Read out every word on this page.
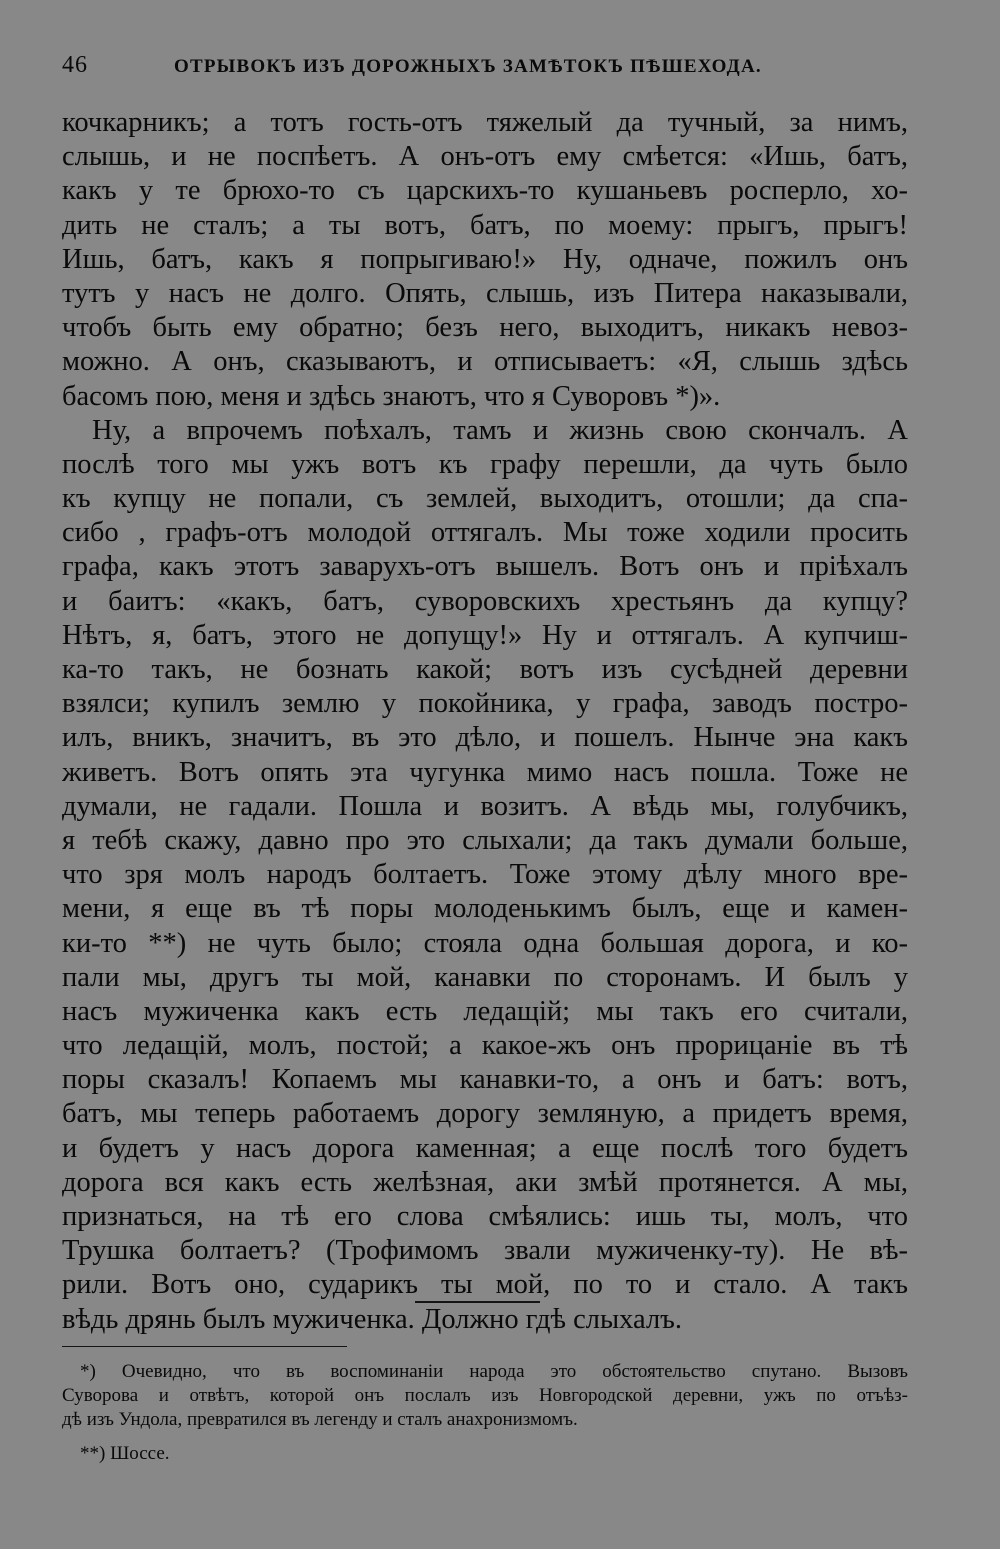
46	ОТРЫВОКЪ ИЗЪ ДОРОЖНЫХЪ ЗАМѢТОКЪ ПѢШЕХОДА.
кочкарникъ; а тотъ гость-отъ тяжелый да тучный, за нимъ,
слышь, и не поспѣетъ. А онъ-отъ ему смѣется: «Ишь, батъ,
какъ у те брюхо-то съ царскихъ-то кушаньевъ росперло, хо-
дить не сталъ; а ты вотъ, батъ, по моему: прыгъ, прыгъ!
Ишь, батъ, какъ я попрыгиваю!» Ну, одначе, пожилъ онъ
тутъ у насъ не долго. Опять, слышь, изъ Питера наказывали,
чтобъ быть ему обратно; безъ него, выходитъ, никакъ невоз-
можно. А онъ, сказываютъ, и отписываетъ: «Я, слышь здѣсь
басомъ пою, меня и здѣсь знаютъ, что я Суворовъ *)».
Ну, а впрочемъ поѣхалъ, тамъ и жизнь свою скончалъ. А
послѣ того мы ужъ вотъ къ графу перешли, да чуть было
къ купцу не попали, съ землей, выходитъ, отошли; да спа-
сибо , графъ-отъ молодой оттягалъ. Мы тоже ходили просить
графа, какъ этотъ заварухъ-отъ вышелъ. Вотъ онъ и прiѣхалъ
и баитъ: «какъ, батъ, суворовскихъ хрестьянъ да купцу?
Нѣтъ, я, батъ, этого не допущу!» Ну и оттягалъ. А купчиш-
ка-то такъ, не бознать какой; вотъ изъ сусѣдней деревни
взялси; купилъ землю у покойника, у графа, заводъ постро-
илъ, вникъ, значитъ, въ это дѣло, и пошелъ. Нынче эна какъ
живетъ. Вотъ опять эта чугунка мимо насъ пошла. Тоже не
думали, не гадали. Пошла и возитъ. А вѣдь мы, голубчикъ,
я тебѣ скажу, давно про это слыхали; да такъ думали больше,
что зря молъ народъ болтаетъ. Тоже этому дѣлу много вре-
мени, я еще въ тѣ поры молоденькимъ былъ, еще и камен-
ки-то **) не чуть было; стояла одна большая дорога, и ко-
пали мы, другъ ты мой, канавки по сторонамъ. И былъ у
насъ мужиченка какъ есть ледащiй; мы такъ его считали,
что ледащiй, молъ, постой; а какое-жъ онъ прорицанiе въ тѣ
поры сказалъ! Копаемъ мы канавки-то, а онъ и батъ: вотъ,
батъ, мы теперь работаемъ дорогу земляную, а придетъ время,
и будетъ у насъ дорога каменная; а еще послѣ того будетъ
дорога вся какъ есть желѣзная, аки змѣй протянется. А мы,
признаться, на тѣ его слова смѣялись: ишь ты, молъ, что
Трушка болтаетъ? (Трофимомъ звали мужиченку-ту). Не вѣ-
рили. Вотъ оно, сударикъ ты мой, по то и стало. А такъ
вѣдь дрянь былъ мужиченка. Должно гдѣ слыхалъ.
*) Очевидно, что въ воспоминанiи народа это обстоятельство спутано. Вызовъ
Суворова и отвѣтъ, которой онъ послалъ изъ Новгородской деревни, ужъ по отъѣз-
дѣ изъ Ундола, превратился въ легенду и сталъ анахронизмомъ.
**) Шоссе.
